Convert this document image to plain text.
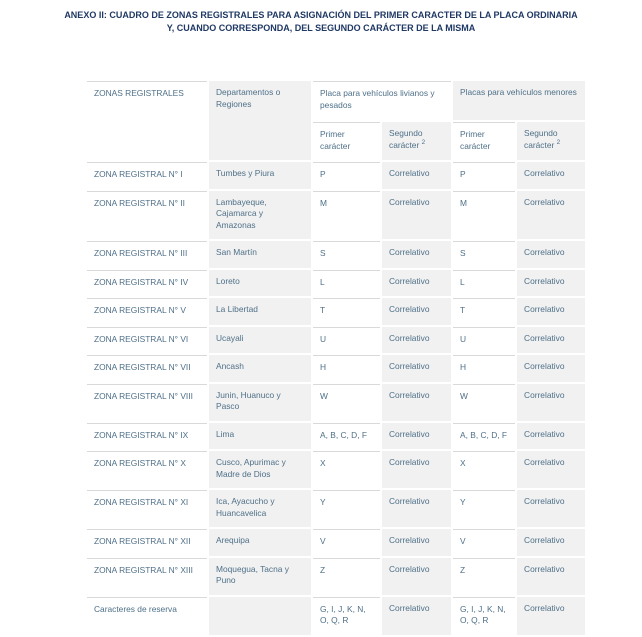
ANEXO II: CUADRO DE ZONAS REGISTRALES PARA ASIGNACIÓN DEL PRIMER CARACTER DE LA PLACA ORDINARIA
Y, CUANDO CORRESPONDA, DEL SEGUNDO CARÁCTER DE LA MISMA
ZONAS REGISTRALES	Departamentos o Regiones	Placa para vehículos livianos y pesados		Placas para vehículos menores	
		Primer carácter	Segundo carácter $^2$	Primer carácter	Segundo carácter $^2$
ZONA REGISTRAL N° I	Tumbes y Piura	P	Correlativo	P	Correlativo
ZONA REGISTRAL N° II	Lambayeque, Cajamarca y Amazonas	M	Correlativo	M	Correlativo
ZONA REGISTRAL N° III	San Martín	S	Correlativo	S	Correlativo
ZONA REGISTRAL N° IV	Loreto	L	Correlativo	L	Correlativo
ZONA REGISTRAL N° V	La Libertad	T	Correlativo	T	Correlativo
ZONA REGISTRAL N° VI	Ucayali	U	Correlativo	U	Correlativo
ZONA REGISTRAL N° VII	Ancash	H	Correlativo	H	Correlativo
ZONA REGISTRAL N° VIII	Junin, Huanuco y Pasco	W	Correlativo	W	Correlativo
ZONA REGISTRAL N° IX	Lima	A, B, C, D, F	Correlativo	A, B, C, D, F	Correlativo
ZONA REGISTRAL N° X	Cusco, Apurimac y Madre de Dios	X	Correlativo	X	Correlativo
ZONA REGISTRAL N° XI	Ica, Ayacucho y Huancavelica	Y	Correlativo	Y	Correlativo
ZONA REGISTRAL N° XII	Arequipa	V	Correlativo	V	Correlativo
ZONA REGISTRAL N° XIII	Moquegua, Tacna y Puno	Z	Correlativo	Z	Correlativo
Caracteres de reserva		G, I, J, K, N, O, Q, R	Correlativo	G, I, J, K, N, O, Q, R	Correlativo
